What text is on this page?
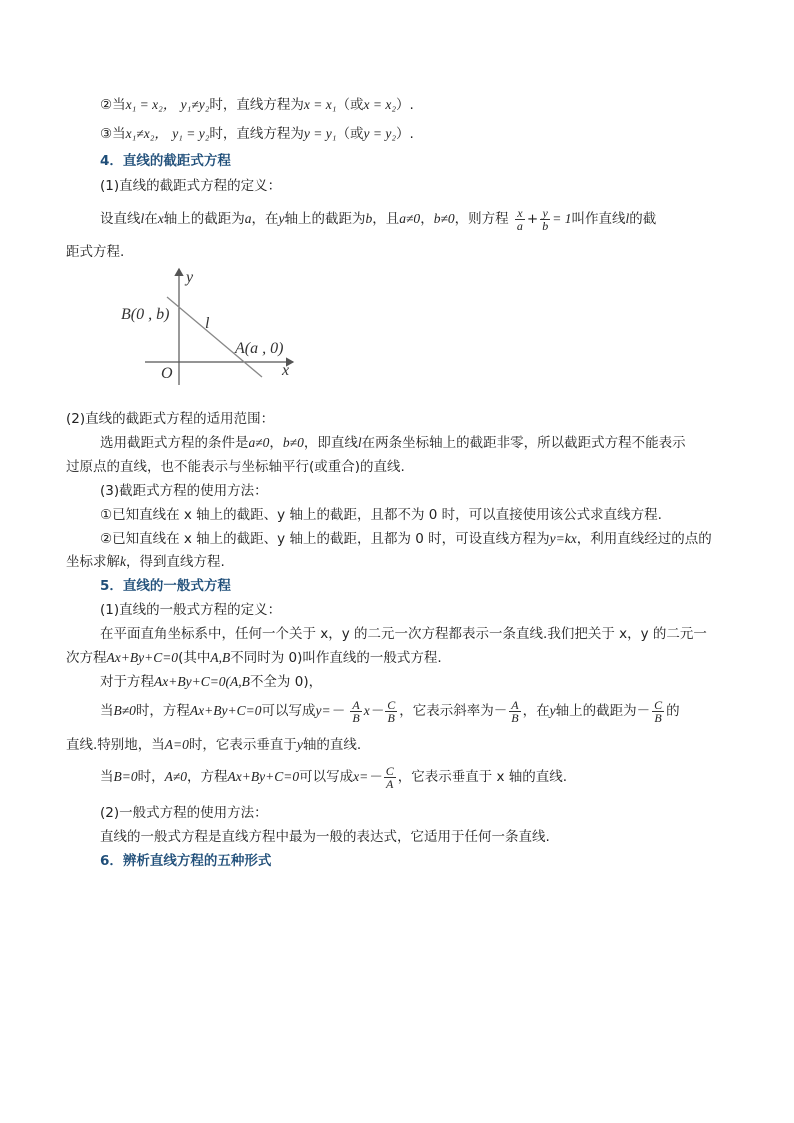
②当x₁ = x₂， y₁≠y₂时，直线方程为x = x₁（或x = x₂）.
③当x₁≠x₂， y₁ = y₂时，直线方程为y = y₁（或y = y₂）.
4．直线的截距式方程
(1)直线的截距式方程的定义：
设直线l在x轴上的截距为a，在y轴上的截距为b，且a≠0，b≠0，则方程 $\frac{x}{a} + \frac{y}{b} = 1$叫作直线l的截
距式方程.
y
x
O
B(0 , b)
A(a , 0)
l
(2)直线的截距式方程的适用范围：
选用截距式方程的条件是a≠0，b≠0，即直线l在两条坐标轴上的截距非零，所以截距式方程不能表示
过原点的直线，也不能表示与坐标轴平行(或重合)的直线.
(3)截距式方程的使用方法：
①已知直线在 x 轴上的截距、y 轴上的截距，且都不为 0 时，可以直接使用该公式求直线方程.
②已知直线在 x 轴上的截距、y 轴上的截距，且都为 0 时，可设直线方程为y=kx，利用直线经过的点的
坐标求解k，得到直线方程.
5．直线的一般式方程
(1)直线的一般式方程的定义：
在平面直角坐标系中，任何一个关于 x，y 的二元一次方程都表示一条直线.我们把关于 x，y 的二元一
次方程Ax+By+C=0(其中A,B不同时为 0)叫作直线的一般式方程.
对于方程Ax+By+C=0(A,B不全为 0)，
当B≠0时，方程Ax+By+C=0可以写成$y=- \frac{A}{B} x- \frac{C}{B}$ ，它表示斜率为－ $\frac{A}{B}$ ，在y轴上的截距为－ $\frac{C}{B}$ 的
直线.特别地，当A=0时，它表示垂直于y轴的直线.
当B=0时，A≠0，方程Ax+By+C=0可以写成$x=- \frac{C}{A}$ ，它表示垂直于 x 轴的直线.
(2)一般式方程的使用方法：
直线的一般式方程是直线方程中最为一般的表达式，它适用于任何一条直线.
6．辨析直线方程的五种形式
